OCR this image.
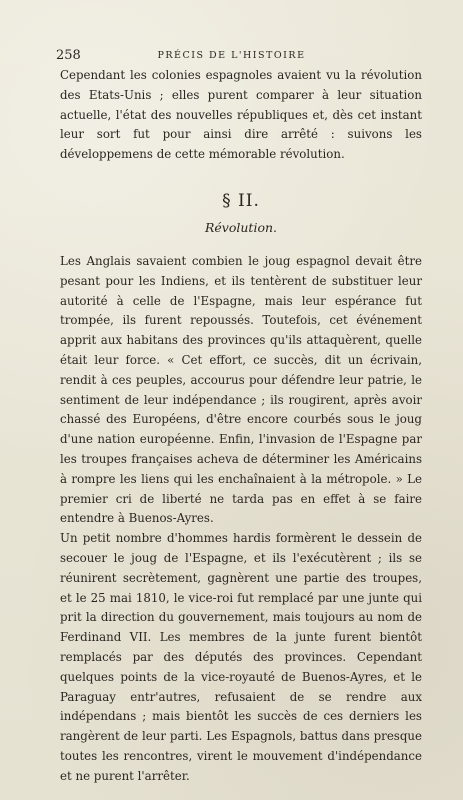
258	PRÉCIS DE L'HISTOIRE

Cependant les colonies espagnoles avaient vu la révolution des Etats-Unis ; elles purent comparer à leur situation actuelle, l'état des nouvelles républiques et, dès cet instant leur sort fut pour ainsi dire arrêté : suivons les développemens de cette mémorable révolution.

§ II.
Révolution.

Les Anglais savaient combien le joug espagnol devait être pesant pour les Indiens, et ils tentèrent de substituer leur autorité à celle de l'Espagne, mais leur espérance fut trompée, ils furent repoussés. Toutefois, cet événement apprit aux habitans des provinces qu'ils attaquèrent, quelle était leur force. « Cet effort, ce succès, dit un écrivain, rendit à ces peuples, accourus pour défendre leur patrie, le sentiment de leur indépendance ; ils rougirent, après avoir chassé des Européens, d'être encore courbés sous le joug d'une nation européenne. Enfin, l'invasion de l'Espagne par les troupes françaises acheva de déterminer les Américains à rompre les liens qui les enchaînaient à la métropole. » Le premier cri de liberté ne tarda pas en effet à se faire entendre à Buenos-Ayres.

Un petit nombre d'hommes hardis formèrent le dessein de secouer le joug de l'Espagne, et ils l'exécutèrent ; ils se réunirent secrètement, gagnèrent une partie des troupes, et le 25 mai 1810, le vice-roi fut remplacé par une junte qui prit la direction du gouvernement, mais toujours au nom de Ferdinand VII. Les membres de la junte furent bientôt remplacés par des députés des provinces. Cependant quelques points de la vice-royauté de Buenos-Ayres, et le Paraguay entr'autres, refusaient de se rendre aux indépendans ; mais bientôt les succès de ces derniers les rangèrent de leur parti. Les Espagnols, battus dans presque toutes les rencontres, virent le mouvement d'indépendance et ne purent l'arrêter.
